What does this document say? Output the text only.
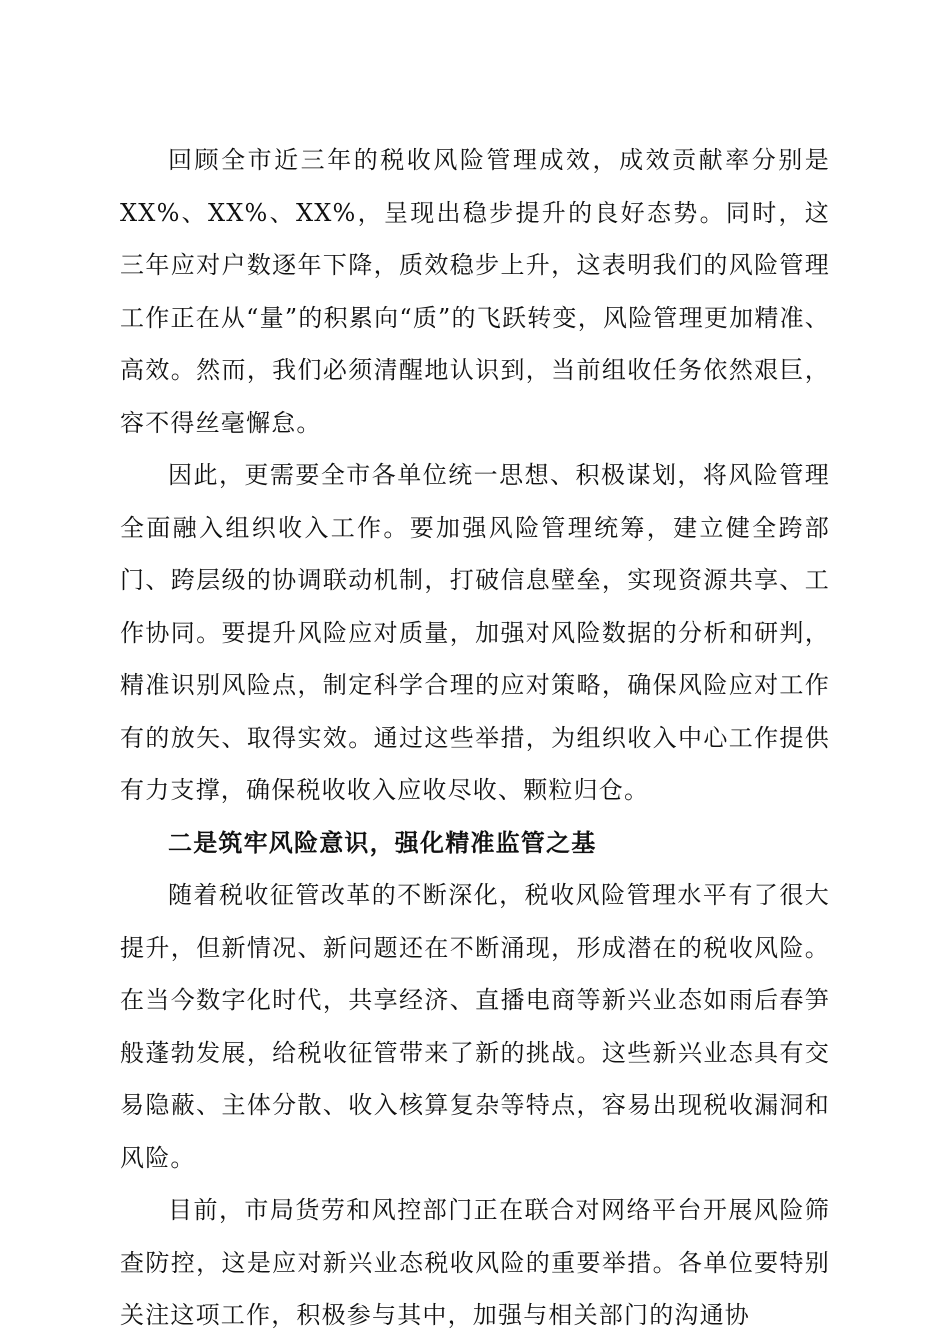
回顾全市近三年的税收风险管理成效，成效贡献率分别是XX%、XX%、XX%，呈现出稳步提升的良好态势。同时，这三年应对户数逐年下降，质效稳步上升，这表明我们的风险管理工作正在从“量”的积累向“质”的飞跃转变，风险管理更加精准、高效。然而，我们必须清醒地认识到，当前组收任务依然艰巨，容不得丝毫懈怠。

因此，更需要全市各单位统一思想、积极谋划，将风险管理全面融入组织收入工作。要加强风险管理统筹，建立健全跨部门、跨层级的协调联动机制，打破信息壁垒，实现资源共享、工作协同。要提升风险应对质量，加强对风险数据的分析和研判，精准识别风险点，制定科学合理的应对策略，确保风险应对工作有的放矢、取得实效。通过这些举措，为组织收入中心工作提供有力支撑，确保税收收入应收尽收、颗粒归仓。

二是筑牢风险意识，强化精准监管之基

随着税收征管改革的不断深化，税收风险管理水平有了很大提升，但新情况、新问题还在不断涌现，形成潜在的税收风险。在当今数字化时代，共享经济、直播电商等新兴业态如雨后春笋般蓬勃发展，给税收征管带来了新的挑战。这些新兴业态具有交易隐蔽、主体分散、收入核算复杂等特点，容易出现税收漏洞和风险。

目前，市局货劳和风控部门正在联合对网络平台开展风险筛查防控，这是应对新兴业态税收风险的重要举措。各单位要特别关注这项工作，积极参与其中，加强与相关部门的沟通协
